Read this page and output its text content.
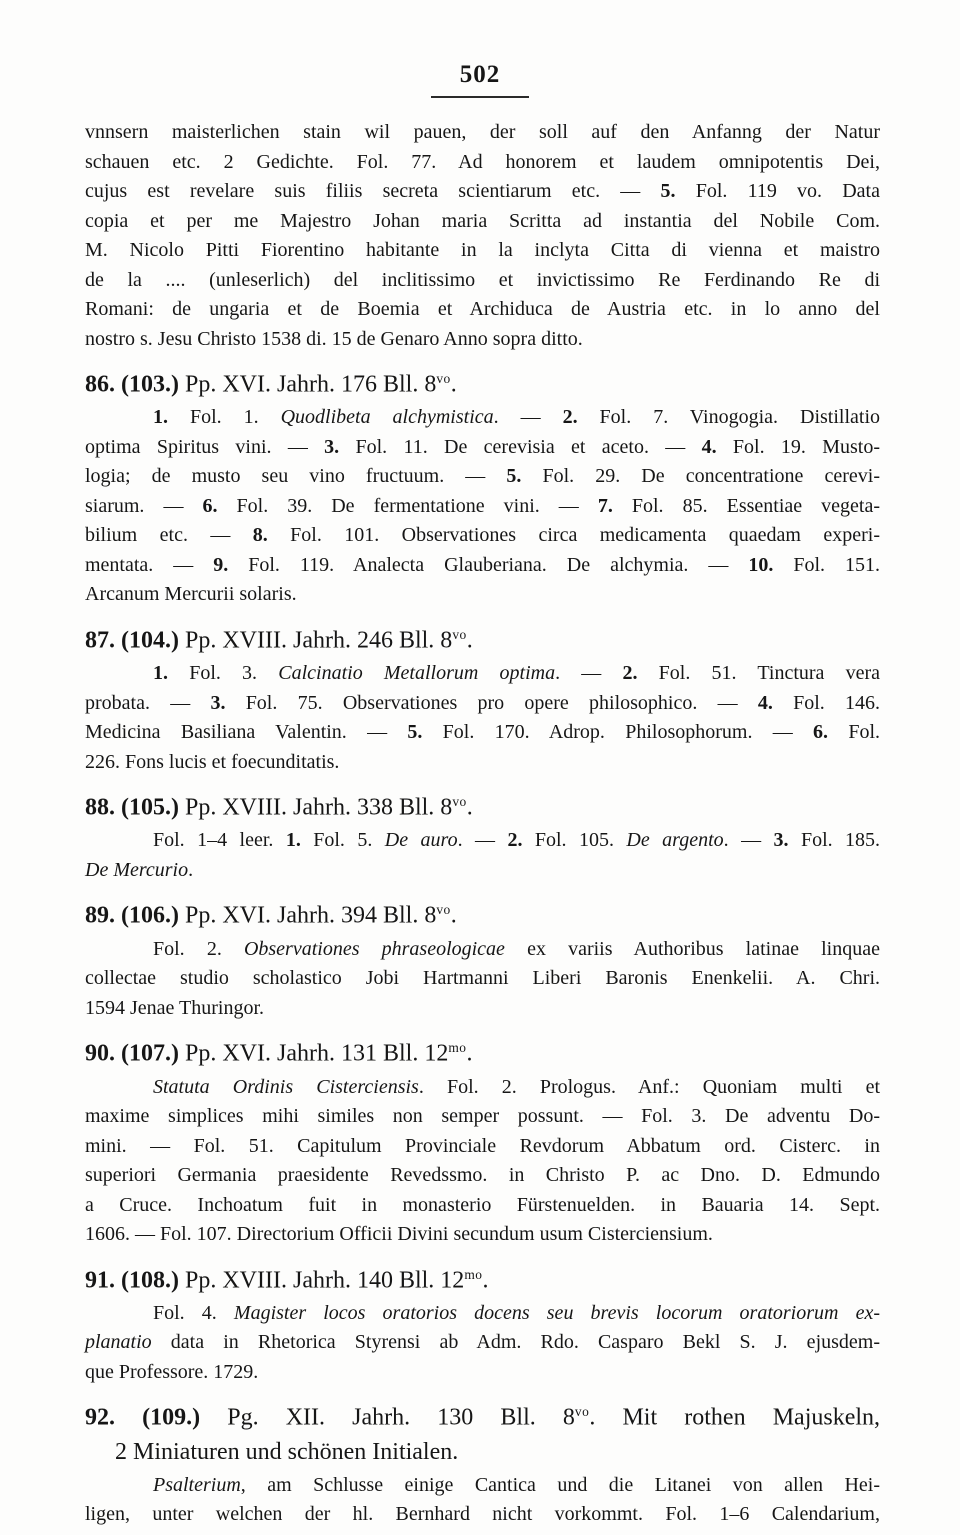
502
vnnsern maisterlichen stain wil pauen, der soll auf den Anfanng der Natur
schauen etc. 2 Gedichte. Fol. 77. Ad honorem et laudem omnipotentis Dei,
cujus est revelare suis filiis secreta scientiarum etc. — 5. Fol. 119 vo. Data
copia et per me Majestro Johan maria Scritta ad instantia del Nobile Com.
M. Nicolo Pitti Fiorentino habitante in la inclyta Citta di vienna et maistro
de la .... (unleserlich) del inclitissimo et invictissimo Re Ferdinando Re di
Romani: de ungaria et de Boemia et Archiduca de Austria etc. in lo anno del
nostro s. Jesu Christo 1538 di. 15 de Genaro Anno sopra ditto.
86. (103.) Pp. XVI. Jahrh. 176 Bll. $8^{vo}$.
1. Fol. 1. Quodlibeta alchymistica. — 2. Fol. 7. Vinogogia. Distillatio
optima Spiritus vini. — 3. Fol. 11. De cerevisia et aceto. — 4. Fol. 19. Musto-
logia; de musto seu vino fructuum. — 5. Fol. 29. De concentratione cerevi-
siarum. — 6. Fol. 39. De fermentatione vini. — 7. Fol. 85. Essentiae vegeta-
bilium etc. — 8. Fol. 101. Observationes circa medicamenta quaedam experi-
mentata. — 9. Fol. 119. Analecta Glauberiana. De alchymia. — 10. Fol. 151.
Arcanum Mercurii solaris.
87. (104.) Pp. XVIII. Jahrh. 246 Bll. $8^{vo}$.
1. Fol. 3. Calcinatio Metallorum optima. — 2. Fol. 51. Tinctura vera
probata. — 3. Fol. 75. Observationes pro opere philosophico. — 4. Fol. 146.
Medicina Basiliana Valentin. — 5. Fol. 170. Adrop. Philosophorum. — 6. Fol.
226. Fons lucis et foecunditatis.
88. (105.) Pp. XVIII. Jahrh. 338 Bll. $8^{vo}$.
Fol. 1–4 leer. 1. Fol. 5. De auro. — 2. Fol. 105. De argento. — 3. Fol. 185.
De Mercurio.
89. (106.) Pp. XVI. Jahrh. 394 Bll. $8^{vo}$.
Fol. 2. Observationes phraseologicae ex variis Authoribus latinae linquae
collectae studio scholastico Jobi Hartmanni Liberi Baronis Enenkelii. A. Chri.
1594 Jenae Thuringor.
90. (107.) Pp. XVI. Jahrh. 131 Bll. $12^{mo}$.
Statuta Ordinis Cisterciensis. Fol. 2. Prologus. Anf.: Quoniam multi et
maxime simplices mihi similes non semper possunt. — Fol. 3. De adventu Do-
mini. — Fol. 51. Capitulum Provinciale Revdorum Abbatum ord. Cisterc. in
superiori Germania praesidente Revedssmo. in Christo P. ac Dno. D. Edmundo
a Cruce. Inchoatum fuit in monasterio Fürstenuelden. in Bauaria 14. Sept.
1606. — Fol. 107. Directorium Officii Divini secundum usum Cisterciensium.
91. (108.) Pp. XVIII. Jahrh. 140 Bll. $12^{mo}$.
Fol. 4. Magister locos oratorios docens seu brevis locorum oratoriorum ex-
planatio data in Rhetorica Styrensi ab Adm. Rdo. Casparo Bekl S. J. ejusdem-
que Professore. 1729.
92. (109.) Pg. XII. Jahrh. 130 Bll. $8^{vo}$. Mit rothen Majuskeln,
2 Miniaturen und schönen Initialen.
Psalterium, am Schlusse einige Cantica und die Litanei von allen Hei-
ligen, unter welchen der hl. Bernhard nicht vorkommt. Fol. 1–6 Calendarium,
